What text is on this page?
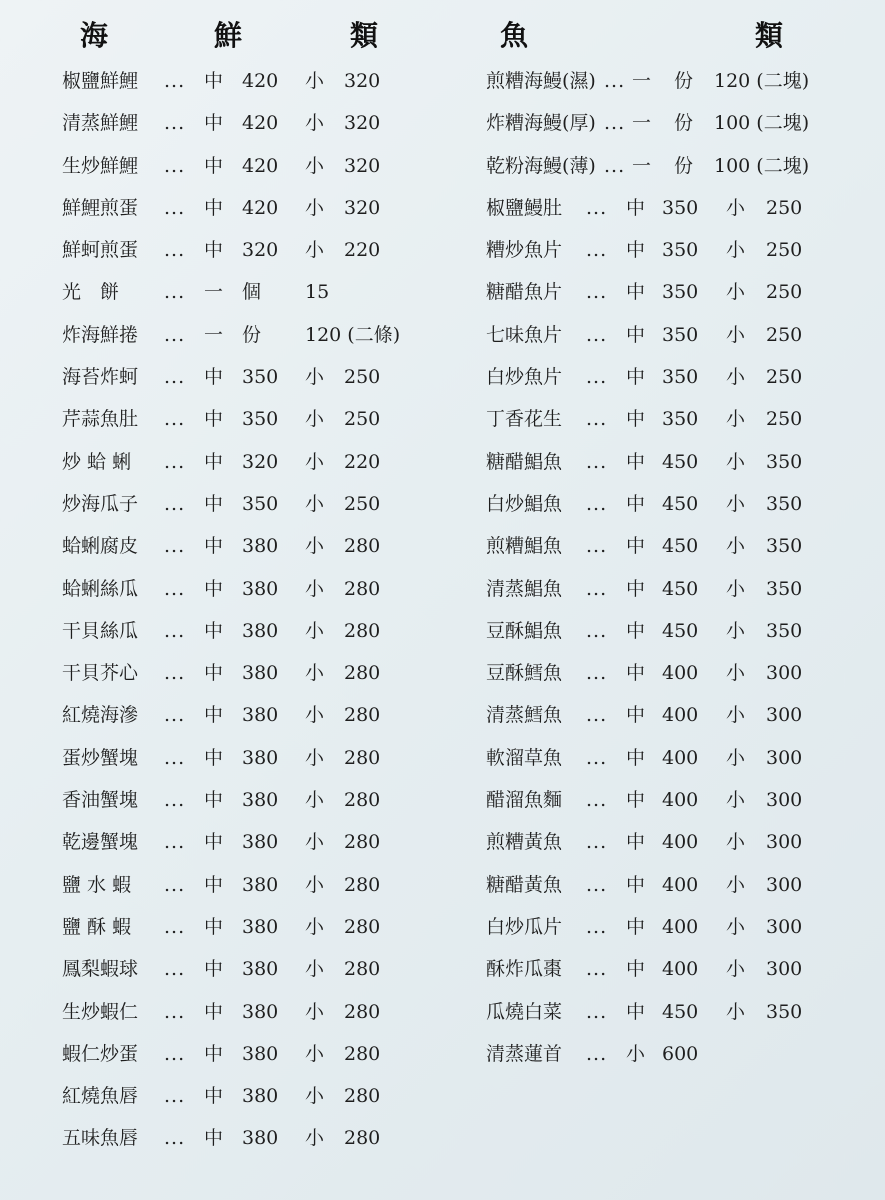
海	鮮	類	魚	類
椒鹽鮮鯉 ... 中 420 小 320
清蒸鮮鯉 ... 中 420 小 320
生炒鮮鯉 ... 中 420 小 320
鮮鯉煎蛋 ... 中 420 小 320
鮮蚵煎蛋 ... 中 320 小 220
光　餅 ... 一 個 15
炸海鮮捲 ... 一 份 120 (二條)
海苔炸蚵 ... 中 350 小 250
芹蒜魚肚 ... 中 350 小 250
炒 蛤 蜊 ... 中 320 小 220
炒海瓜子 ... 中 350 小 250
蛤蜊腐皮 ... 中 380 小 280
蛤蜊絲瓜 ... 中 380 小 280
干貝絲瓜 ... 中 380 小 280
干貝芥心 ... 中 380 小 280
紅燒海滲 ... 中 380 小 280
蛋炒蟹塊 ... 中 380 小 280
香油蟹塊 ... 中 380 小 280
乾邊蟹塊 ... 中 380 小 280
鹽 水 蝦 ... 中 380 小 280
鹽 酥 蝦 ... 中 380 小 280
鳳梨蝦球 ... 中 380 小 280
生炒蝦仁 ... 中 380 小 280
蝦仁炒蛋 ... 中 380 小 280
紅燒魚唇 ... 中 380 小 280
五味魚唇 ... 中 380 小 280
煎糟海鰻(濕) ... 一 份 120 (二塊)
炸糟海鰻(厚) ... 一 份 100 (二塊)
乾粉海鰻(薄) ... 一 份 100 (二塊)
椒鹽鰻肚 ... 中 350 小 250
糟炒魚片 ... 中 350 小 250
糖醋魚片 ... 中 350 小 250
七味魚片 ... 中 350 小 250
白炒魚片 ... 中 350 小 250
丁香花生 ... 中 350 小 250
糖醋鯧魚 ... 中 450 小 350
白炒鯧魚 ... 中 450 小 350
煎糟鯧魚 ... 中 450 小 350
清蒸鯧魚 ... 中 450 小 350
豆酥鯧魚 ... 中 450 小 350
豆酥鱈魚 ... 中 400 小 300
清蒸鱈魚 ... 中 400 小 300
軟溜草魚 ... 中 400 小 300
醋溜魚麵 ... 中 400 小 300
煎糟黃魚 ... 中 400 小 300
糖醋黃魚 ... 中 400 小 300
白炒瓜片 ... 中 400 小 300
酥炸瓜棗 ... 中 400 小 300
瓜燒白菜 ... 中 450 小 350
清蒸蓮首 ... 小 600
